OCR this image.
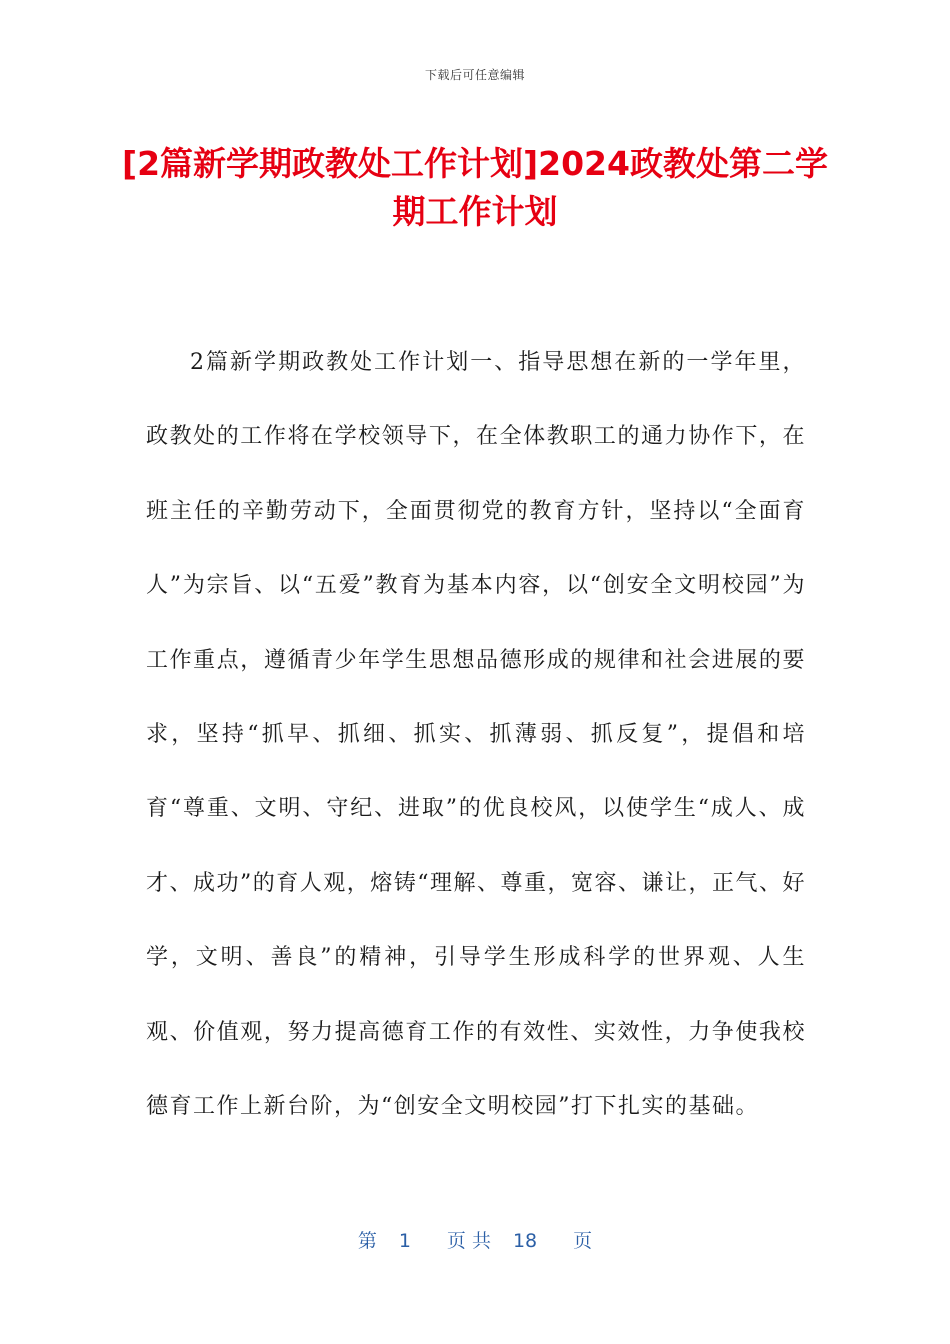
下载后可任意编辑
[2篇新学期政教处工作计划]2024政教处第二学期工作计划

2篇新学期政教处工作计划一、指导思想在新的一学年里，政教处的工作将在学校领导下，在全体教职工的通力协作下，在班主任的辛勤劳动下，全面贯彻党的教育方针，坚持以“全面育人”为宗旨、以“五爱”教育为基本内容，以“创安全文明校园”为工作重点，遵循青少年学生思想品德形成的规律和社会进展的要求，坚持“抓早、抓细、抓实、抓薄弱、抓反复”，提倡和培育“尊重、文明、守纪、进取”的优良校风，以使学生“成人、成才、成功”的育人观，熔铸“理解、尊重，宽容、谦让，正气、好学，文明、善良”的精神，引导学生形成科学的世界观、人生观、价值观，努力提高德育工作的有效性、实效性，力争使我校德育工作上新台阶，为“创安全文明校园”打下扎实的基础。

第 1 页 共 18 页
